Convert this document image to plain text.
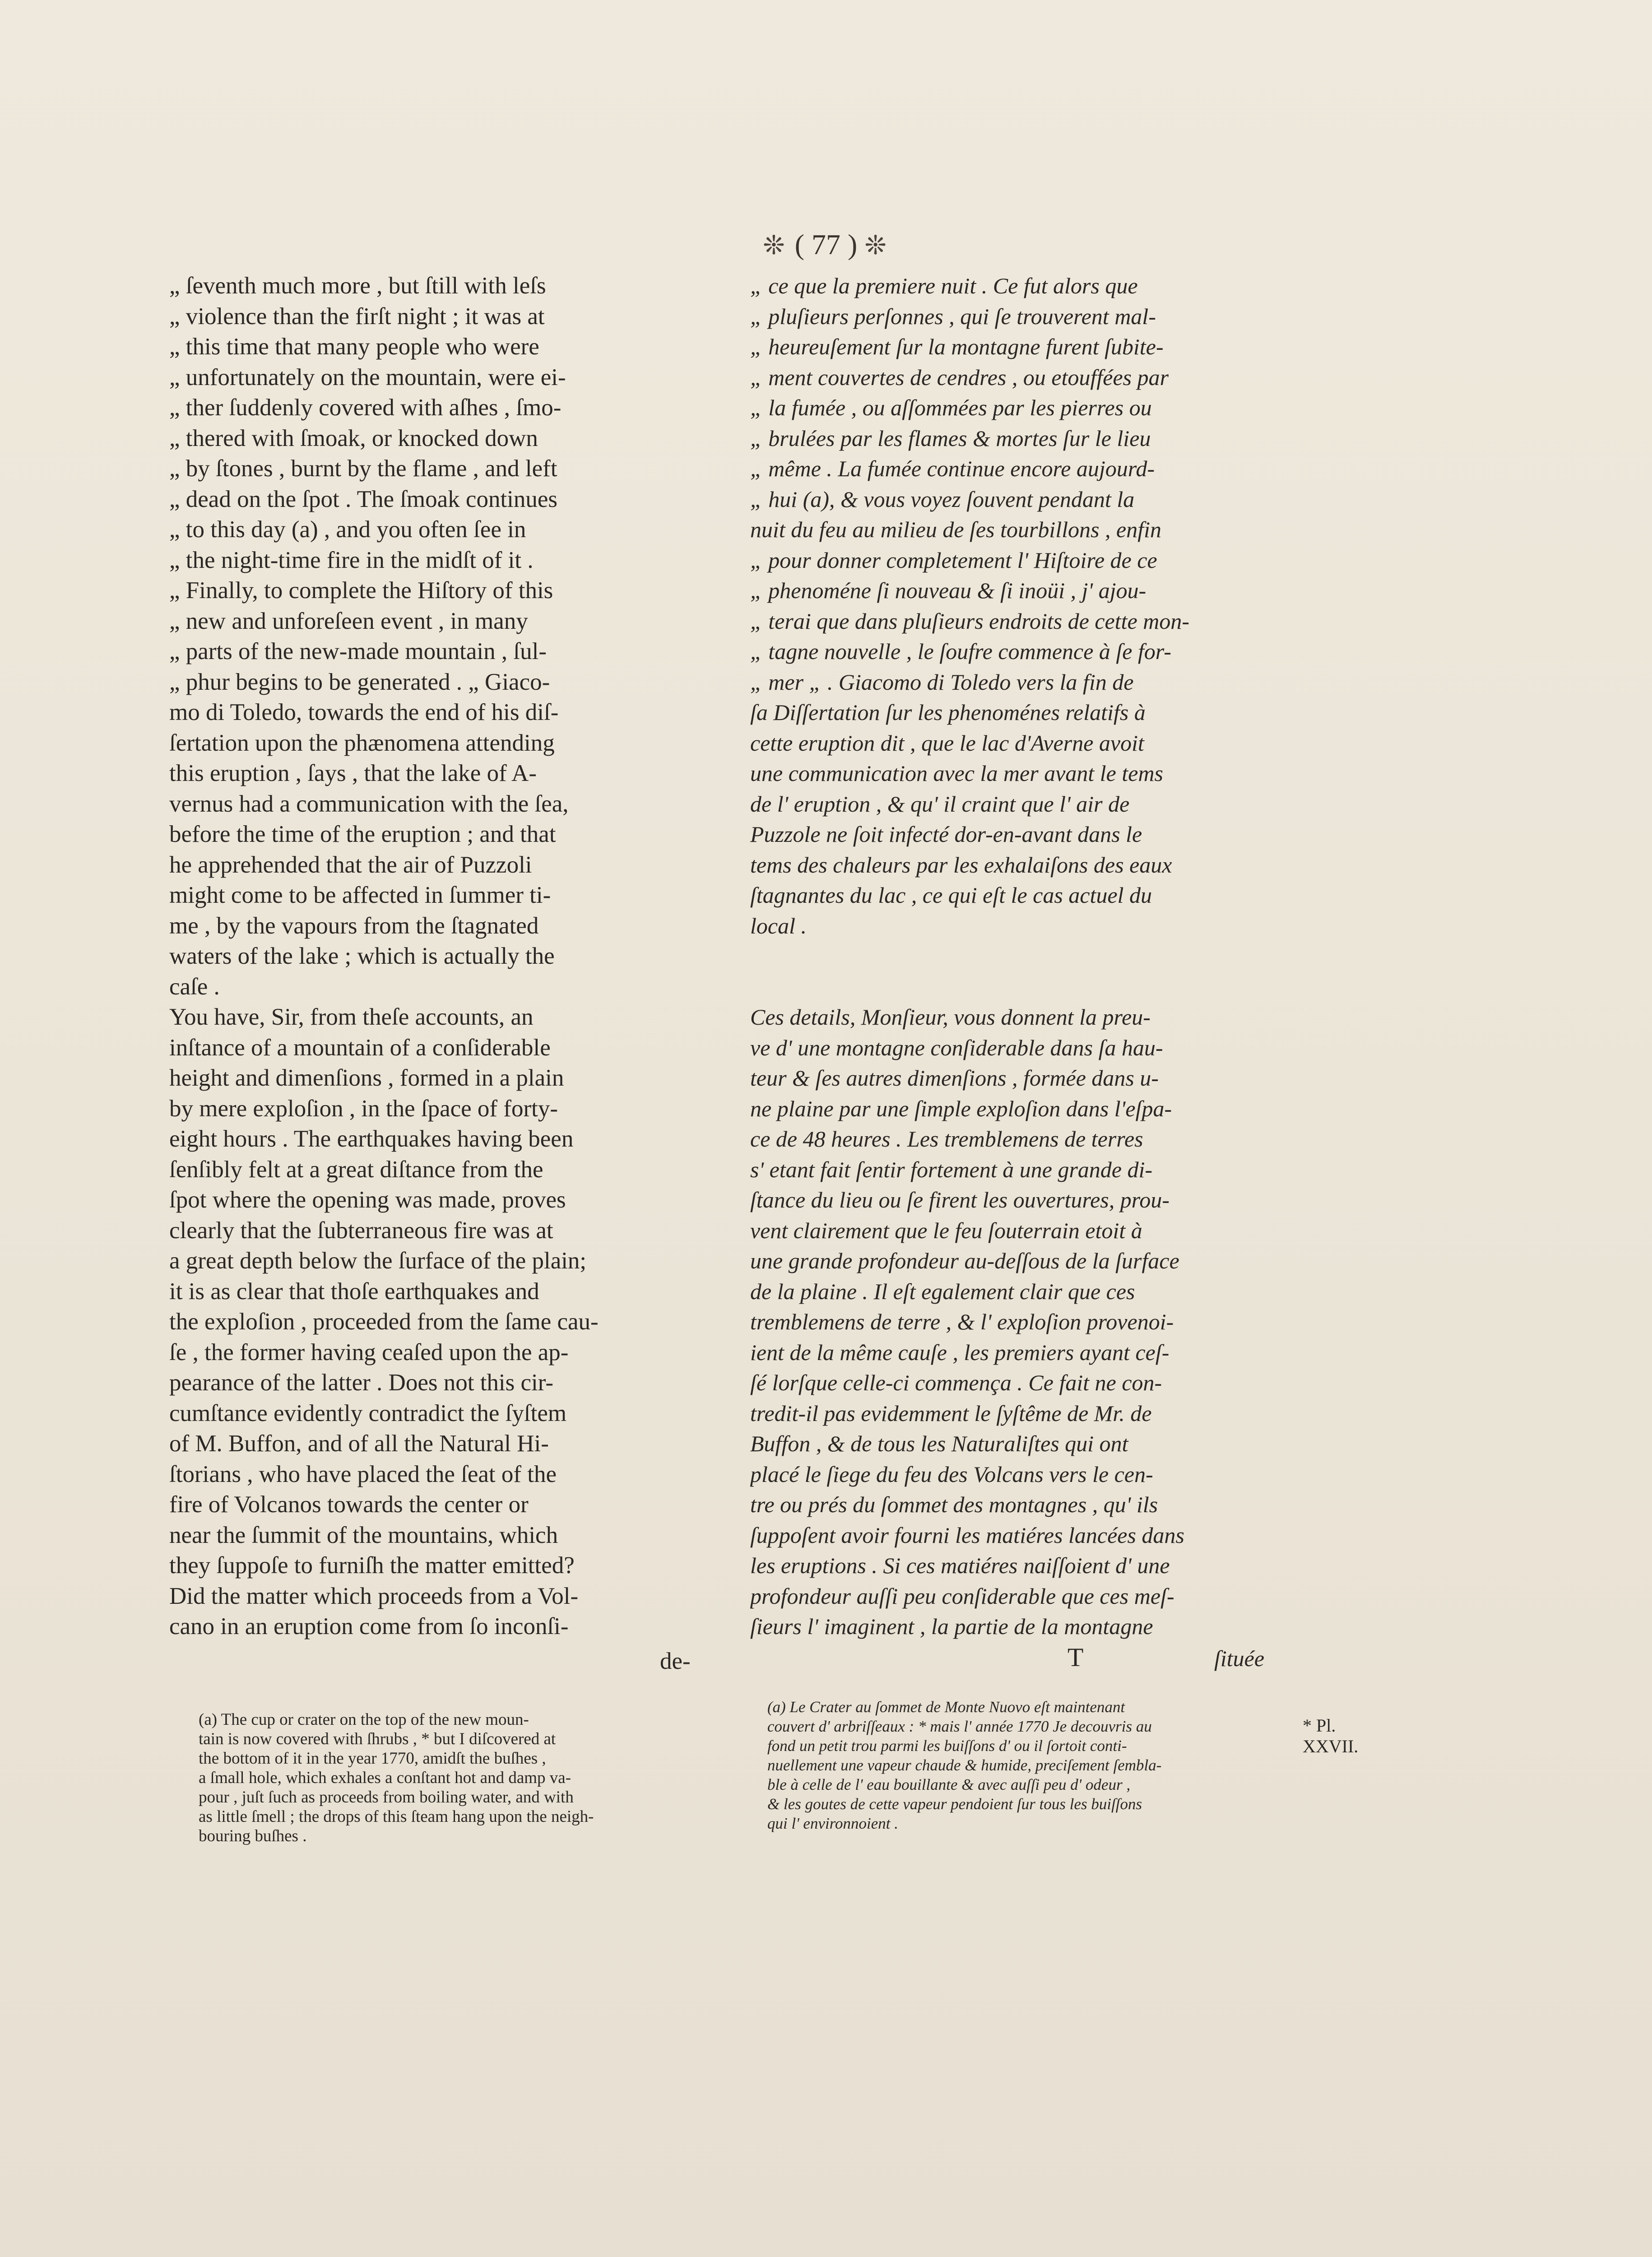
❊ ( 77 ) ❊
„ ſeventh much more , but ſtill with leſs
„ violence than the firſt night ; it was at
„ this time that many people who were
„ unfortunately on the mountain, were ei-
„ ther ſuddenly covered with aſhes , ſmo-
„ thered with ſmoak, or knocked down
„ by ſtones , burnt by the flame , and left
„ dead on the ſpot . The ſmoak continues
„ to this day (a) , and you often ſee in
„ the night-time fire in the midſt of it .
„ Finally, to complete the Hiſtory of this
„ new and unforeſeen event , in many
„ parts of the new-made mountain , ſul-
„ phur begins to be generated . „ Giaco-
mo di Toledo, towards the end of his diſ-
ſertation upon the phænomena attending
this eruption , ſays , that the lake of A-
vernus had a communication with the ſea,
before the time of the eruption ; and that
he apprehended that the air of Puzzoli
might come to be affected in ſummer ti-
me , by the vapours from the ſtagnated
waters of the lake ; which is actually the
caſe .
You have, Sir, from theſe accounts, an
inſtance of a mountain of a conſiderable
height and dimenſions , formed in a plain
by mere exploſion , in the ſpace of forty-
eight hours . The earthquakes having been
ſenſibly felt at a great diſtance from the
ſpot where the opening was made, proves
clearly that the ſubterraneous fire was at
a great depth below the ſurface of the plain;
it is as clear that thoſe earthquakes and
the exploſion , proceeded from the ſame cau-
ſe , the former having ceaſed upon the ap-
pearance of the latter . Does not this cir-
cumſtance evidently contradict the ſyſtem
of M. Buffon, and of all the Natural Hi-
ſtorians , who have placed the ſeat of the
fire of Volcanos towards the center or
near the ſummit of the mountains, which
they ſuppoſe to furniſh the matter emitted?
Did the matter which proceeds from a Vol-
cano in an eruption come from ſo inconſi-
de-
„ ce que la premiere nuit . Ce fut alors que
„ pluſieurs perſonnes , qui ſe trouverent mal-
„ heureuſement ſur la montagne furent ſubite-
„ ment couvertes de cendres , ou etouffées par
„ la fumée , ou aſſommées par les pierres ou
„ brulées par les flames & mortes ſur le lieu
„ même . La fumée continue encore aujourd-
„ hui (a), & vous voyez ſouvent pendant la
nuit du feu au milieu de ſes tourbillons , enfin
„ pour donner completement l' Hiſtoire de ce
„ phenoméne ſi nouveau & ſi inoüi , j' ajou-
„ terai que dans pluſieurs endroits de cette mon-
„ tagne nouvelle , le ſoufre commence à ſe for-
„ mer „ . Giacomo di Toledo vers la fin de
ſa Diſſertation ſur les phenoménes relatifs à
cette eruption dit , que le lac d'Averne avoit
une communication avec la mer avant le tems
de l' eruption , & qu' il craint que l' air de
Puzzole ne ſoit infecté dor-en-avant dans le
tems des chaleurs par les exhalaiſons des eaux
ſtagnantes du lac , ce qui eſt le cas actuel du
local .
Ces details, Monſieur, vous donnent la preu-
ve d' une montagne conſiderable dans ſa hau-
teur & ſes autres dimenſions , formée dans u-
ne plaine par une ſimple exploſion dans l'eſpa-
ce de 48 heures . Les tremblemens de terres
s' etant fait ſentir fortement à une grande di-
ſtance du lieu ou ſe firent les ouvertures, prou-
vent clairement que le feu ſouterrain etoit à
une grande profondeur au-deſſous de la ſurface
de la plaine . Il eſt egalement clair que ces
tremblemens de terre , & l' exploſion provenoi-
ient de la même cauſe , les premiers ayant ceſ-
ſé lorſque celle-ci commença . Ce fait ne con-
tredit-il pas evidemment le ſyſtême de Mr. de
Buffon , & de tous les Naturaliſtes qui ont
placé le ſiege du feu des Volcans vers le cen-
tre ou prés du ſommet des montagnes , qu' ils
ſuppoſent avoir fourni les matiéres lancées dans
les eruptions . Si ces matiéres naiſſoient d' une
profondeur auſſi peu conſiderable que ces meſ-
ſieurs l' imaginent , la partie de la montagne
T	ſituée
(a) The cup or crater on the top of the new moun-
tain is now covered with ſhrubs , * but I diſcovered at
the bottom of it in the year 1770, amidſt the buſhes ,
a ſmall hole, which exhales a conſtant hot and damp va-
pour , juſt ſuch as proceeds from boiling water, and with
as little ſmell ; the drops of this ſteam hang upon the neigh-
bouring buſhes .
(a) Le Crater au ſommet de Monte Nuovo eſt maintenant
couvert d' arbriſſeaux : * mais l' année 1770 Je decouvris au
fond un petit trou parmi les buiſſons d' ou il ſortoit conti-
nuellement une vapeur chaude & humide, preciſement ſembla-
ble à celle de l' eau bouillante & avec auſſi peu d' odeur ,
& les goutes de cette vapeur pendoient ſur tous les buiſſons
qui l' environnoient .
* Pl.
XXVII.
